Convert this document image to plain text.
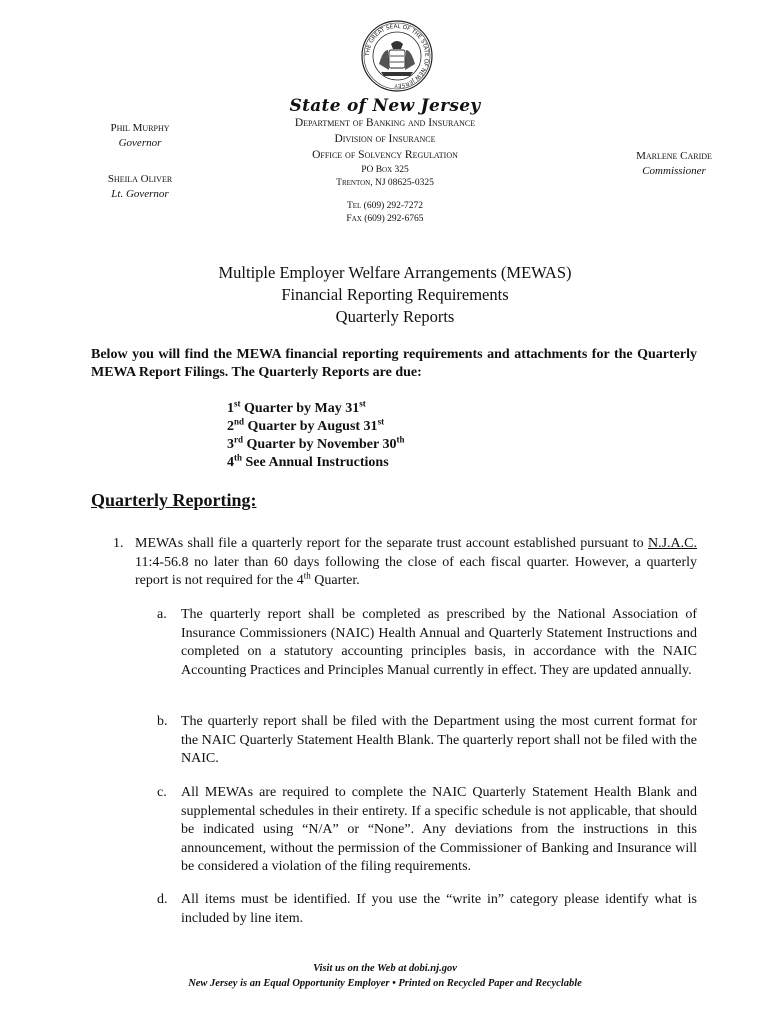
THE GREAT SEAL OF THE STATE OF NEW JERSEY
State of New Jersey
Phil Murphy
Governor
Sheila Oliver
Lt. Governor
Department of Banking and Insurance
Division of Insurance
Office of Solvency Regulation
PO Box 325
Trenton, NJ 08625-0325
Tel (609) 292-7272
Fax (609) 292-6765
Marlene Caride
Commissioner
Multiple Employer Welfare Arrangements (MEWAS)
Financial Reporting Requirements
Quarterly Reports
Below you will find the MEWA financial reporting requirements and attachments for the Quarterly MEWA Report Filings. The Quarterly Reports are due:
1st Quarter by May 31st
2nd Quarter by August 31st
3rd Quarter by November 30th
4th See Annual Instructions
Quarterly Reporting:
1. MEWAs shall file a quarterly report for the separate trust account established pursuant to N.J.A.C. 11:4-56.8 no later than 60 days following the close of each fiscal quarter. However, a quarterly report is not required for the 4th Quarter.
a. The quarterly report shall be completed as prescribed by the National Association of Insurance Commissioners (NAIC) Health Annual and Quarterly Statement Instructions and completed on a statutory accounting principles basis, in accordance with the NAIC Accounting Practices and Principles Manual currently in effect. They are updated annually.
b. The quarterly report shall be filed with the Department using the most current format for the NAIC Quarterly Statement Health Blank. The quarterly report shall not be filed with the NAIC.
c. All MEWAs are required to complete the NAIC Quarterly Statement Health Blank and supplemental schedules in their entirety. If a specific schedule is not applicable, that should be indicated using “N/A” or “None”. Any deviations from the instructions in this announcement, without the permission of the Commissioner of Banking and Insurance will be considered a violation of the filing requirements.
d. All items must be identified. If you use the “write in” category please identify what is included by line item.
Visit us on the Web at dobi.nj.gov
New Jersey is an Equal Opportunity Employer • Printed on Recycled Paper and Recyclable
